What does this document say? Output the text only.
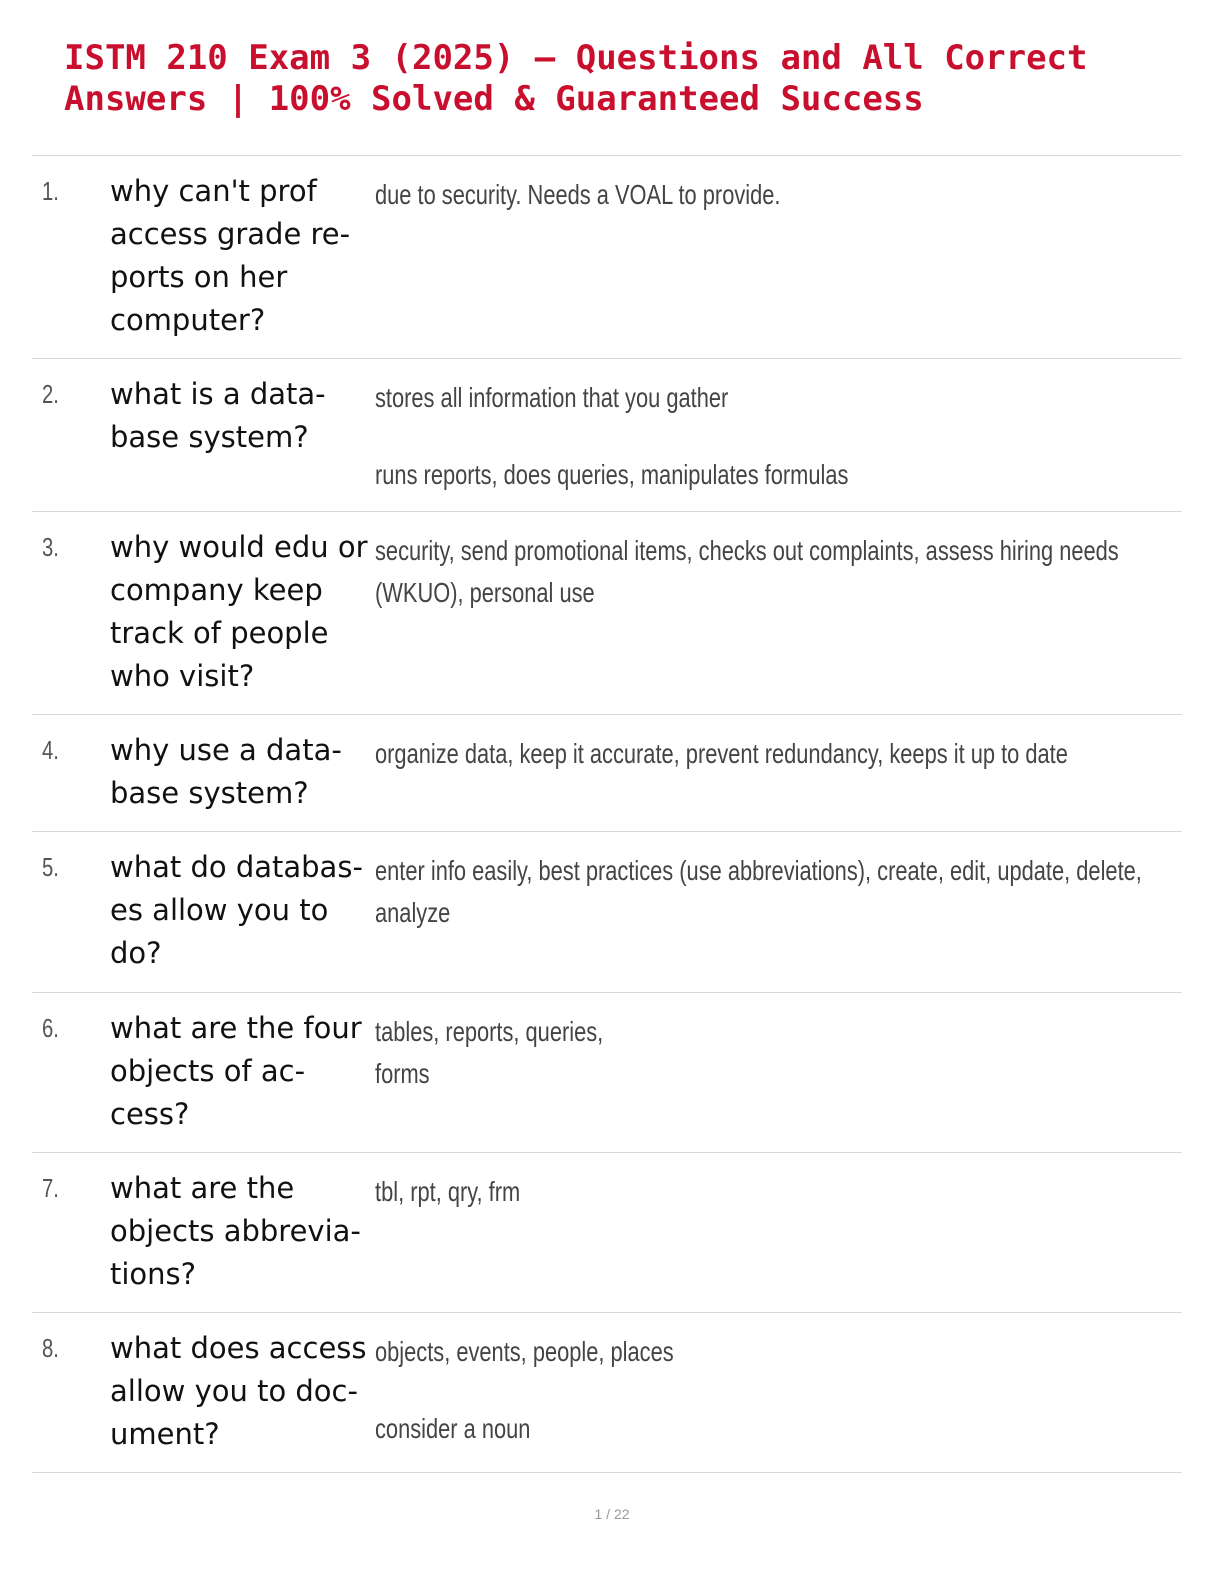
ISTM 210 Exam 3 (2025) – Questions and All Correct Answers | 100% Solved & Guaranteed Success
1. why can't prof access grade reports on her computer?
due to security. Needs a VOAL to provide.
2. what is a database system?
stores all information that you gather
runs reports, does queries, manipulates formulas
3. why would edu or company keep track of people who visit?
security, send promotional items, checks out complaints, assess hiring needs (WKUO), personal use
4. why use a database system?
organize data, keep it accurate, prevent redundancy, keeps it up to date
5. what do databases allow you to do?
enter info easily, best practices (use abbreviations), create, edit, update, delete, analyze
6. what are the four objects of access?
tables, reports, queries, forms
7. what are the objects abbreviations?
tbl, rpt, qry, frm
8. what does access allow you to document?
objects, events, people, places
consider a noun
1 / 22
